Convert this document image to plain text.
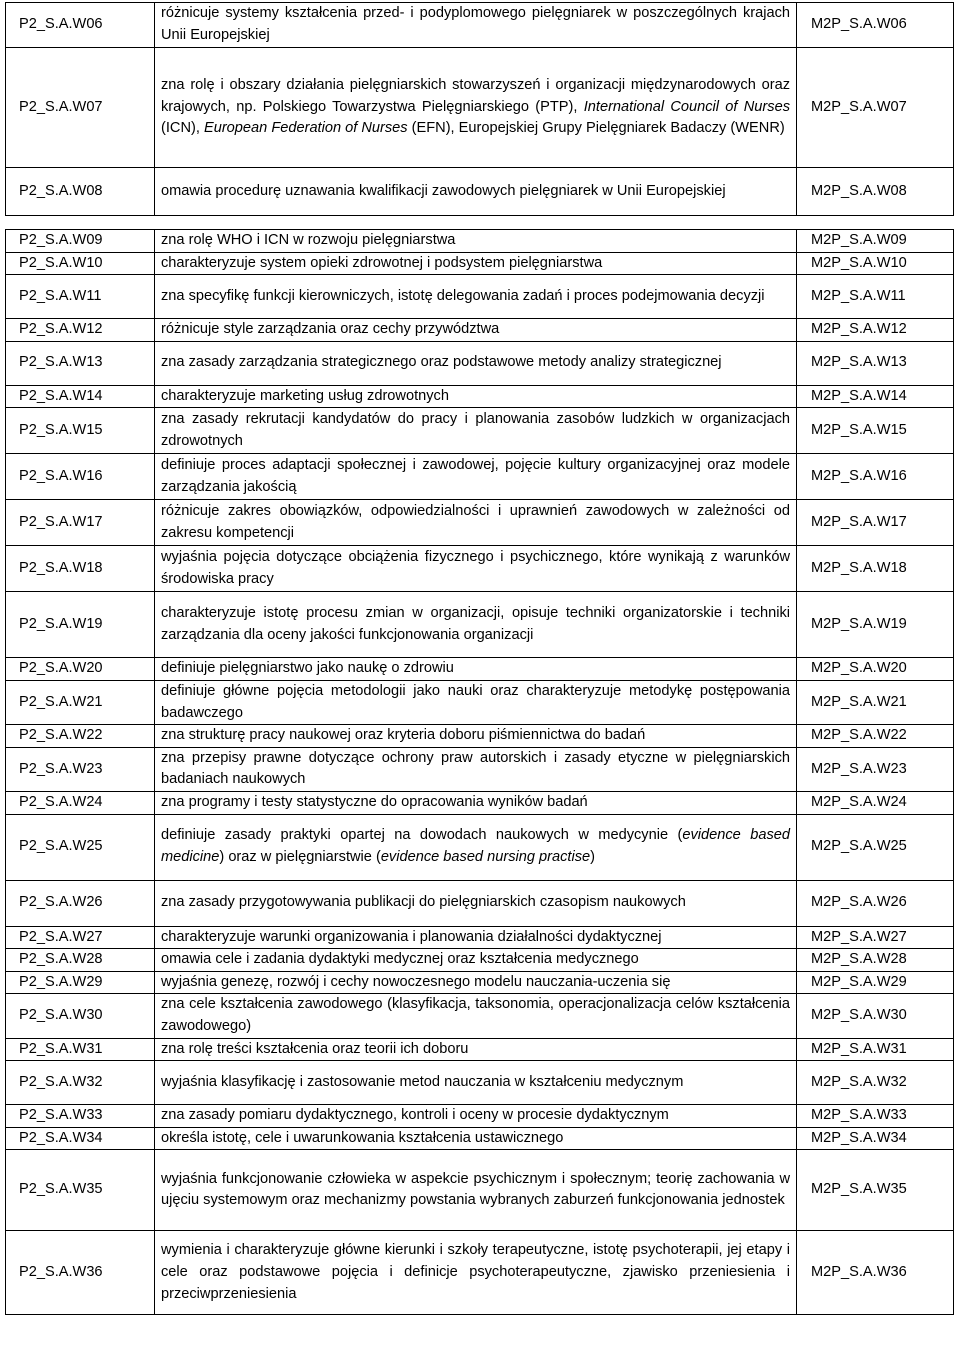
P2_S.A.W06	różnicuje systemy kształcenia przed- i podyplomowego pielęgniarek w poszczególnych krajach Unii Europejskiej	M2P_S.A.W06
P2_S.A.W07	zna rolę i obszary działania pielęgniarskich stowarzyszeń i organizacji międzynarodowych oraz krajowych, np. Polskiego Towarzystwa Pielęgniarskiego (PTP), International Council of Nurses (ICN), European Federation of Nurses (EFN), Europejskiej Grupy Pielęgniarek Badaczy (WENR)	M2P_S.A.W07
P2_S.A.W08	omawia procedurę uznawania kwalifikacji zawodowych pielęgniarek w Unii Europejskiej	M2P_S.A.W08

P2_S.A.W09	zna rolę WHO i ICN w rozwoju pielęgniarstwa	M2P_S.A.W09
P2_S.A.W10	charakteryzuje system opieki zdrowotnej i podsystem pielęgniarstwa	M2P_S.A.W10
P2_S.A.W11	zna specyfikę funkcji kierowniczych, istotę delegowania zadań i proces podejmowania decyzji	M2P_S.A.W11
P2_S.A.W12	różnicuje style zarządzania oraz cechy przywództwa	M2P_S.A.W12
P2_S.A.W13	zna zasady zarządzania strategicznego oraz podstawowe metody analizy strategicznej	M2P_S.A.W13
P2_S.A.W14	charakteryzuje marketing usług zdrowotnych	M2P_S.A.W14
P2_S.A.W15	zna zasady rekrutacji kandydatów do pracy i planowania zasobów ludzkich w organizacjach zdrowotnych	M2P_S.A.W15
P2_S.A.W16	definiuje proces adaptacji społecznej i zawodowej, pojęcie kultury organizacyjnej oraz modele zarządzania jakością	M2P_S.A.W16
P2_S.A.W17	różnicuje zakres obowiązków, odpowiedzialności i uprawnień zawodowych w zależności od zakresu kompetencji	M2P_S.A.W17
P2_S.A.W18	wyjaśnia pojęcia dotyczące obciążenia fizycznego i psychicznego, które wynikają z warunków środowiska pracy	M2P_S.A.W18
P2_S.A.W19	charakteryzuje istotę procesu zmian w organizacji, opisuje techniki organizatorskie i techniki zarządzania dla oceny jakości funkcjonowania organizacji	M2P_S.A.W19
P2_S.A.W20	definiuje pielęgniarstwo jako naukę o zdrowiu	M2P_S.A.W20
P2_S.A.W21	definiuje główne pojęcia metodologii jako nauki oraz charakteryzuje metodykę postępowania badawczego	M2P_S.A.W21
P2_S.A.W22	zna strukturę pracy naukowej oraz kryteria doboru piśmiennictwa do badań	M2P_S.A.W22
P2_S.A.W23	zna przepisy prawne dotyczące ochrony praw autorskich i zasady etyczne w pielęgniarskich badaniach naukowych	M2P_S.A.W23
P2_S.A.W24	zna programy i testy statystyczne do opracowania wyników badań	M2P_S.A.W24
P2_S.A.W25	definiuje zasady praktyki opartej na dowodach naukowych w medycynie (evidence based medicine) oraz w pielęgniarstwie (evidence based nursing practise)	M2P_S.A.W25
P2_S.A.W26	zna zasady przygotowywania publikacji do pielęgniarskich czasopism naukowych	M2P_S.A.W26
P2_S.A.W27	charakteryzuje warunki organizowania i planowania działalności dydaktycznej	M2P_S.A.W27
P2_S.A.W28	omawia cele i zadania dydaktyki medycznej oraz kształcenia medycznego	M2P_S.A.W28
P2_S.A.W29	wyjaśnia genezę, rozwój i cechy nowoczesnego modelu nauczania-uczenia się	M2P_S.A.W29
P2_S.A.W30	zna cele kształcenia zawodowego (klasyfikacja, taksonomia, operacjonalizacja celów kształcenia zawodowego)	M2P_S.A.W30
P2_S.A.W31	zna rolę treści kształcenia oraz teorii ich doboru	M2P_S.A.W31
P2_S.A.W32	wyjaśnia klasyfikację i zastosowanie metod nauczania w kształceniu medycznym	M2P_S.A.W32
P2_S.A.W33	zna zasady pomiaru dydaktycznego, kontroli i oceny w procesie dydaktycznym	M2P_S.A.W33
P2_S.A.W34	określa istotę, cele i uwarunkowania kształcenia ustawicznego	M2P_S.A.W34
P2_S.A.W35	wyjaśnia funkcjonowanie człowieka w aspekcie psychicznym i społecznym; teorię zachowania w ujęciu systemowym oraz mechanizmy powstania wybranych zaburzeń funkcjonowania jednostek	M2P_S.A.W35
P2_S.A.W36	wymienia i charakteryzuje główne kierunki i szkoły terapeutyczne, istotę psychoterapii, jej etapy i cele oraz podstawowe pojęcia i definicje psychoterapeutyczne, zjawisko przeniesienia i przeciwprzeniesienia	M2P_S.A.W36
